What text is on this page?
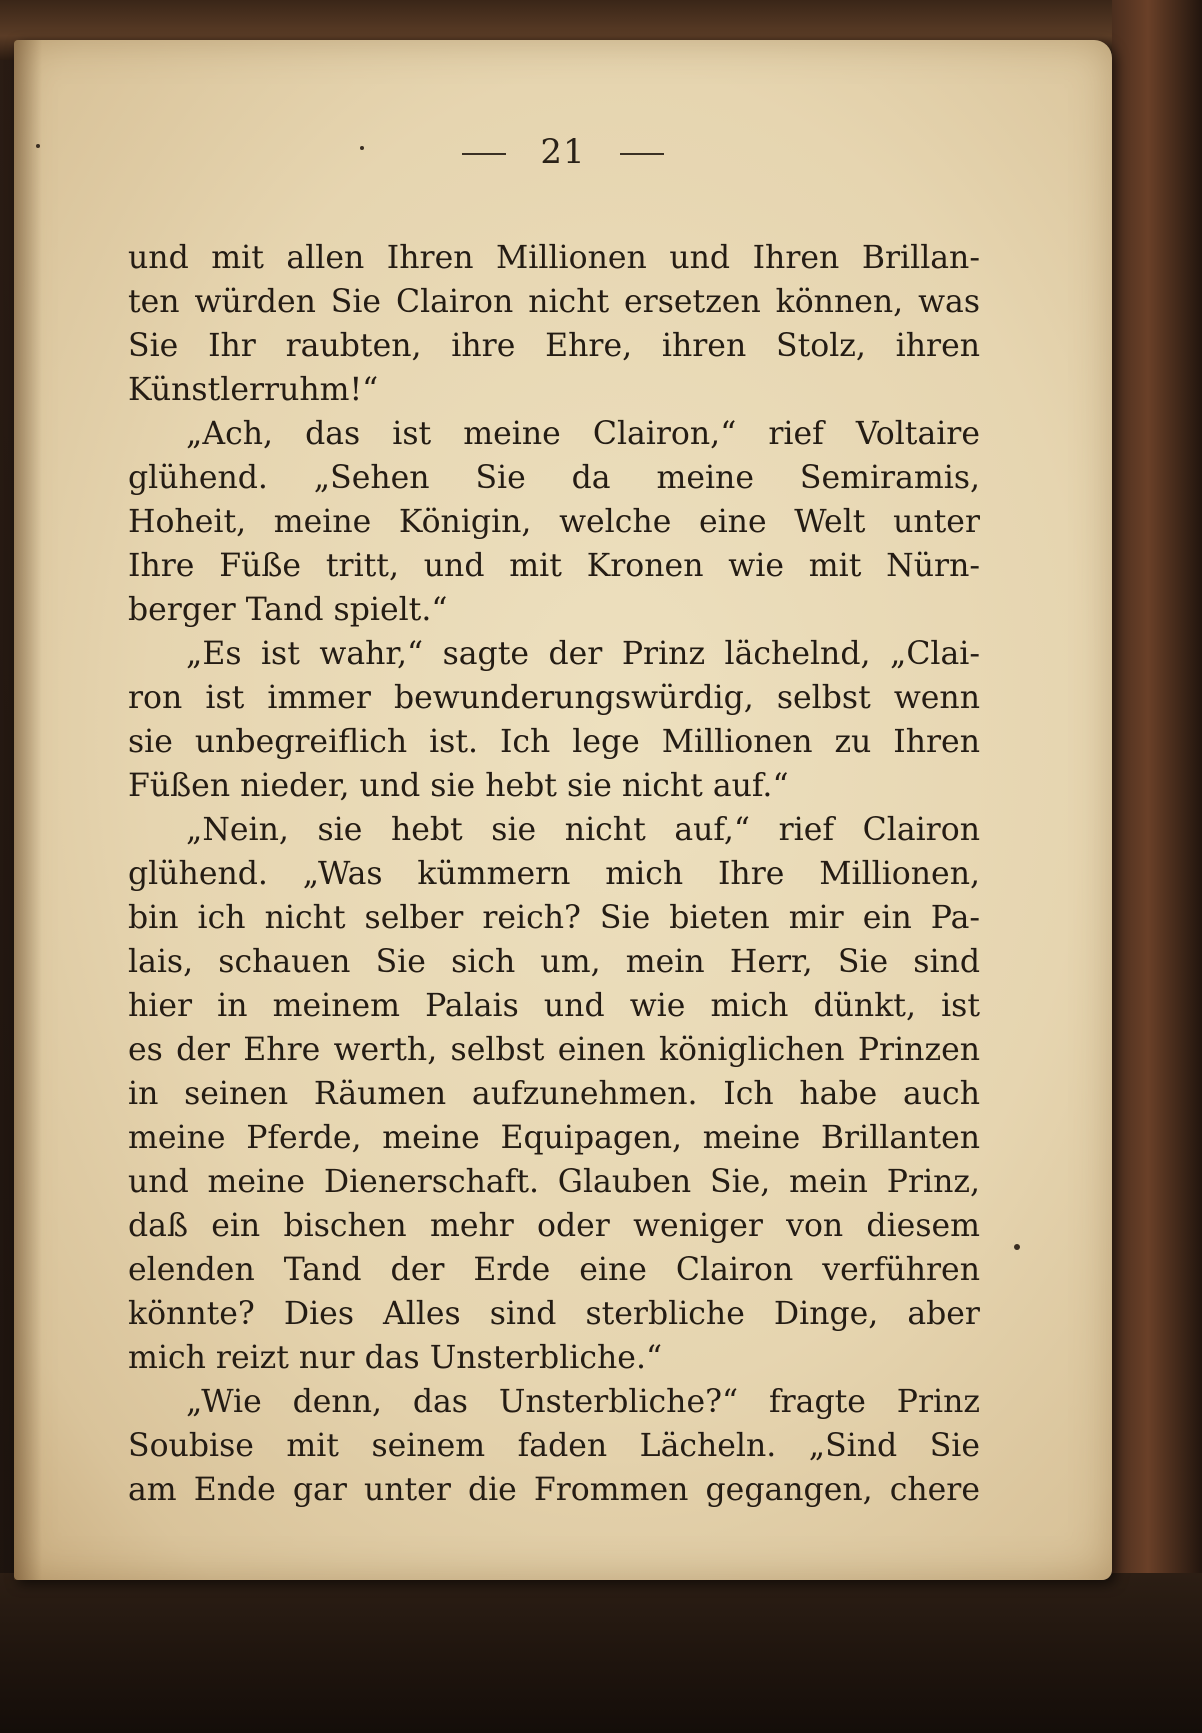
21
und mit allen Ihren Millionen und Ihren Brillan-
ten würden Sie Clairon nicht ersetzen können, was
Sie Ihr raubten, ihre Ehre, ihren Stolz, ihren
Künstlerruhm!“
„Ach, das ist meine Clairon,“ rief Voltaire
glühend. „Sehen Sie da meine Semiramis,
Hoheit, meine Königin, welche eine Welt unter
Ihre Füße tritt, und mit Kronen wie mit Nürn-
berger Tand spielt.“
„Es ist wahr,“ sagte der Prinz lächelnd, „Clai-
ron ist immer bewunderungswürdig, selbst wenn
sie unbegreiflich ist. Ich lege Millionen zu Ihren
Füßen nieder, und sie hebt sie nicht auf.“
„Nein, sie hebt sie nicht auf,“ rief Clairon
glühend. „Was kümmern mich Ihre Millionen,
bin ich nicht selber reich? Sie bieten mir ein Pa-
lais, schauen Sie sich um, mein Herr, Sie sind
hier in meinem Palais und wie mich dünkt, ist
es der Ehre werth, selbst einen königlichen Prinzen
in seinen Räumen aufzunehmen. Ich habe auch
meine Pferde, meine Equipagen, meine Brillanten
und meine Dienerschaft. Glauben Sie, mein Prinz,
daß ein bischen mehr oder weniger von diesem
elenden Tand der Erde eine Clairon verführen
könnte? Dies Alles sind sterbliche Dinge, aber
mich reizt nur das Unsterbliche.“
„Wie denn, das Unsterbliche?“ fragte Prinz
Soubise mit seinem faden Lächeln. „Sind Sie
am Ende gar unter die Frommen gegangen, chere
